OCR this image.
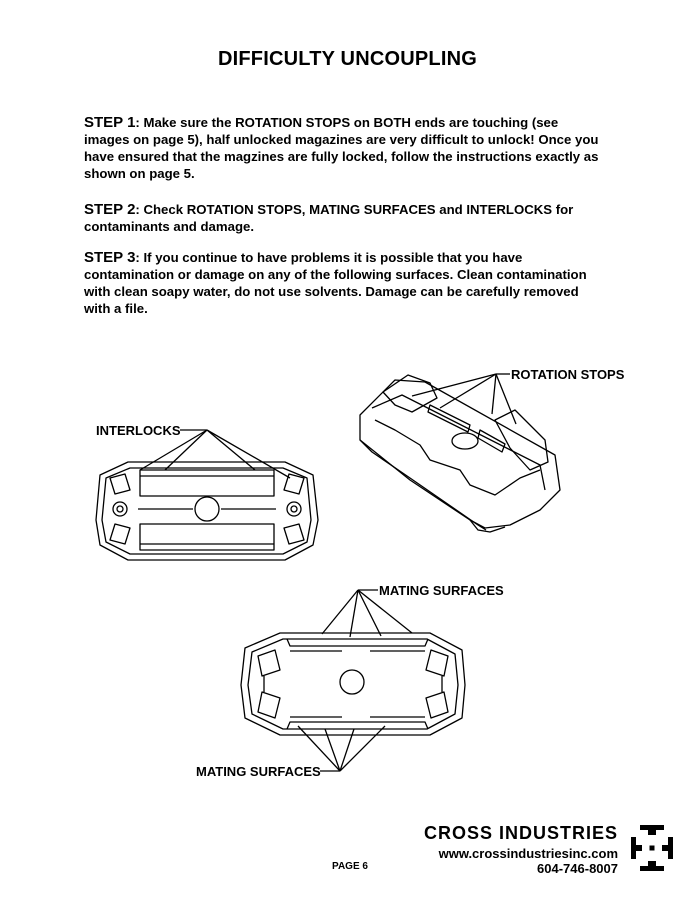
DIFFICULTY UNCOUPLING
STEP 1: Make sure the ROTATION STOPS on BOTH ends are touching (see images on page 5), half unlocked magazines are very difficult to unlock! Once you have ensured that the magzines are fully locked, follow the instructions exactly as shown on page 5.
STEP 2: Check ROTATION STOPS, MATING SURFACES and INTERLOCKS for contaminants and damage.
STEP 3: If you continue to have problems it is possible that you have contamination or damage on any of the following surfaces. Clean contamination with clean soapy water, do not use solvents. Damage can be carefully removed with a file.
INTERLOCKS
ROTATION STOPS
MATING SURFACES
MATING SURFACES
CROSS INDUSTRIES
www.crossindustriesinc.com
604-746-8007
PAGE 6
